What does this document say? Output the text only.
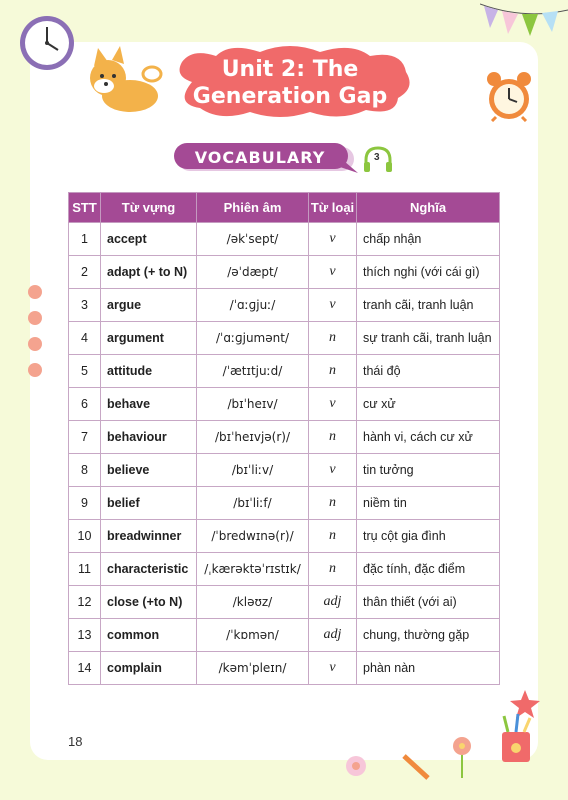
Unit 2: The
Generation Gap
VOCABULARY	3
STT	Từ vựng	Phiên âm	Từ loại	Nghĩa
1	accept	/əkˈsept/	v	chấp nhận
2	adapt (+ to N)	/əˈdæpt/	v	thích nghi (với cái gì)
3	argue	/ˈɑːɡjuː/	v	tranh cãi, tranh luận
4	argument	/ˈɑːɡjumənt/	n	sự tranh cãi, tranh luận
5	attitude	/ˈætɪtjuːd/	n	thái độ
6	behave	/bɪˈheɪv/	v	cư xử
7	behaviour	/bɪˈheɪvjə(r)/	n	hành vi, cách cư xử
8	believe	/bɪˈliːv/	v	tin tưởng
9	belief	/bɪˈliːf/	n	niềm tin
10	breadwinner	/ˈbredwɪnə(r)/	n	trụ cột gia đình
11	characteristic	/ˌkærəktəˈrɪstɪk/	n	đặc tính, đặc điểm
12	close (+to N)	/kləʊz/	adj	thân thiết (với ai)
13	common	/ˈkɒmən/	adj	chung, thường gặp
14	complain	/kəmˈpleɪn/	v	phàn nàn
18
